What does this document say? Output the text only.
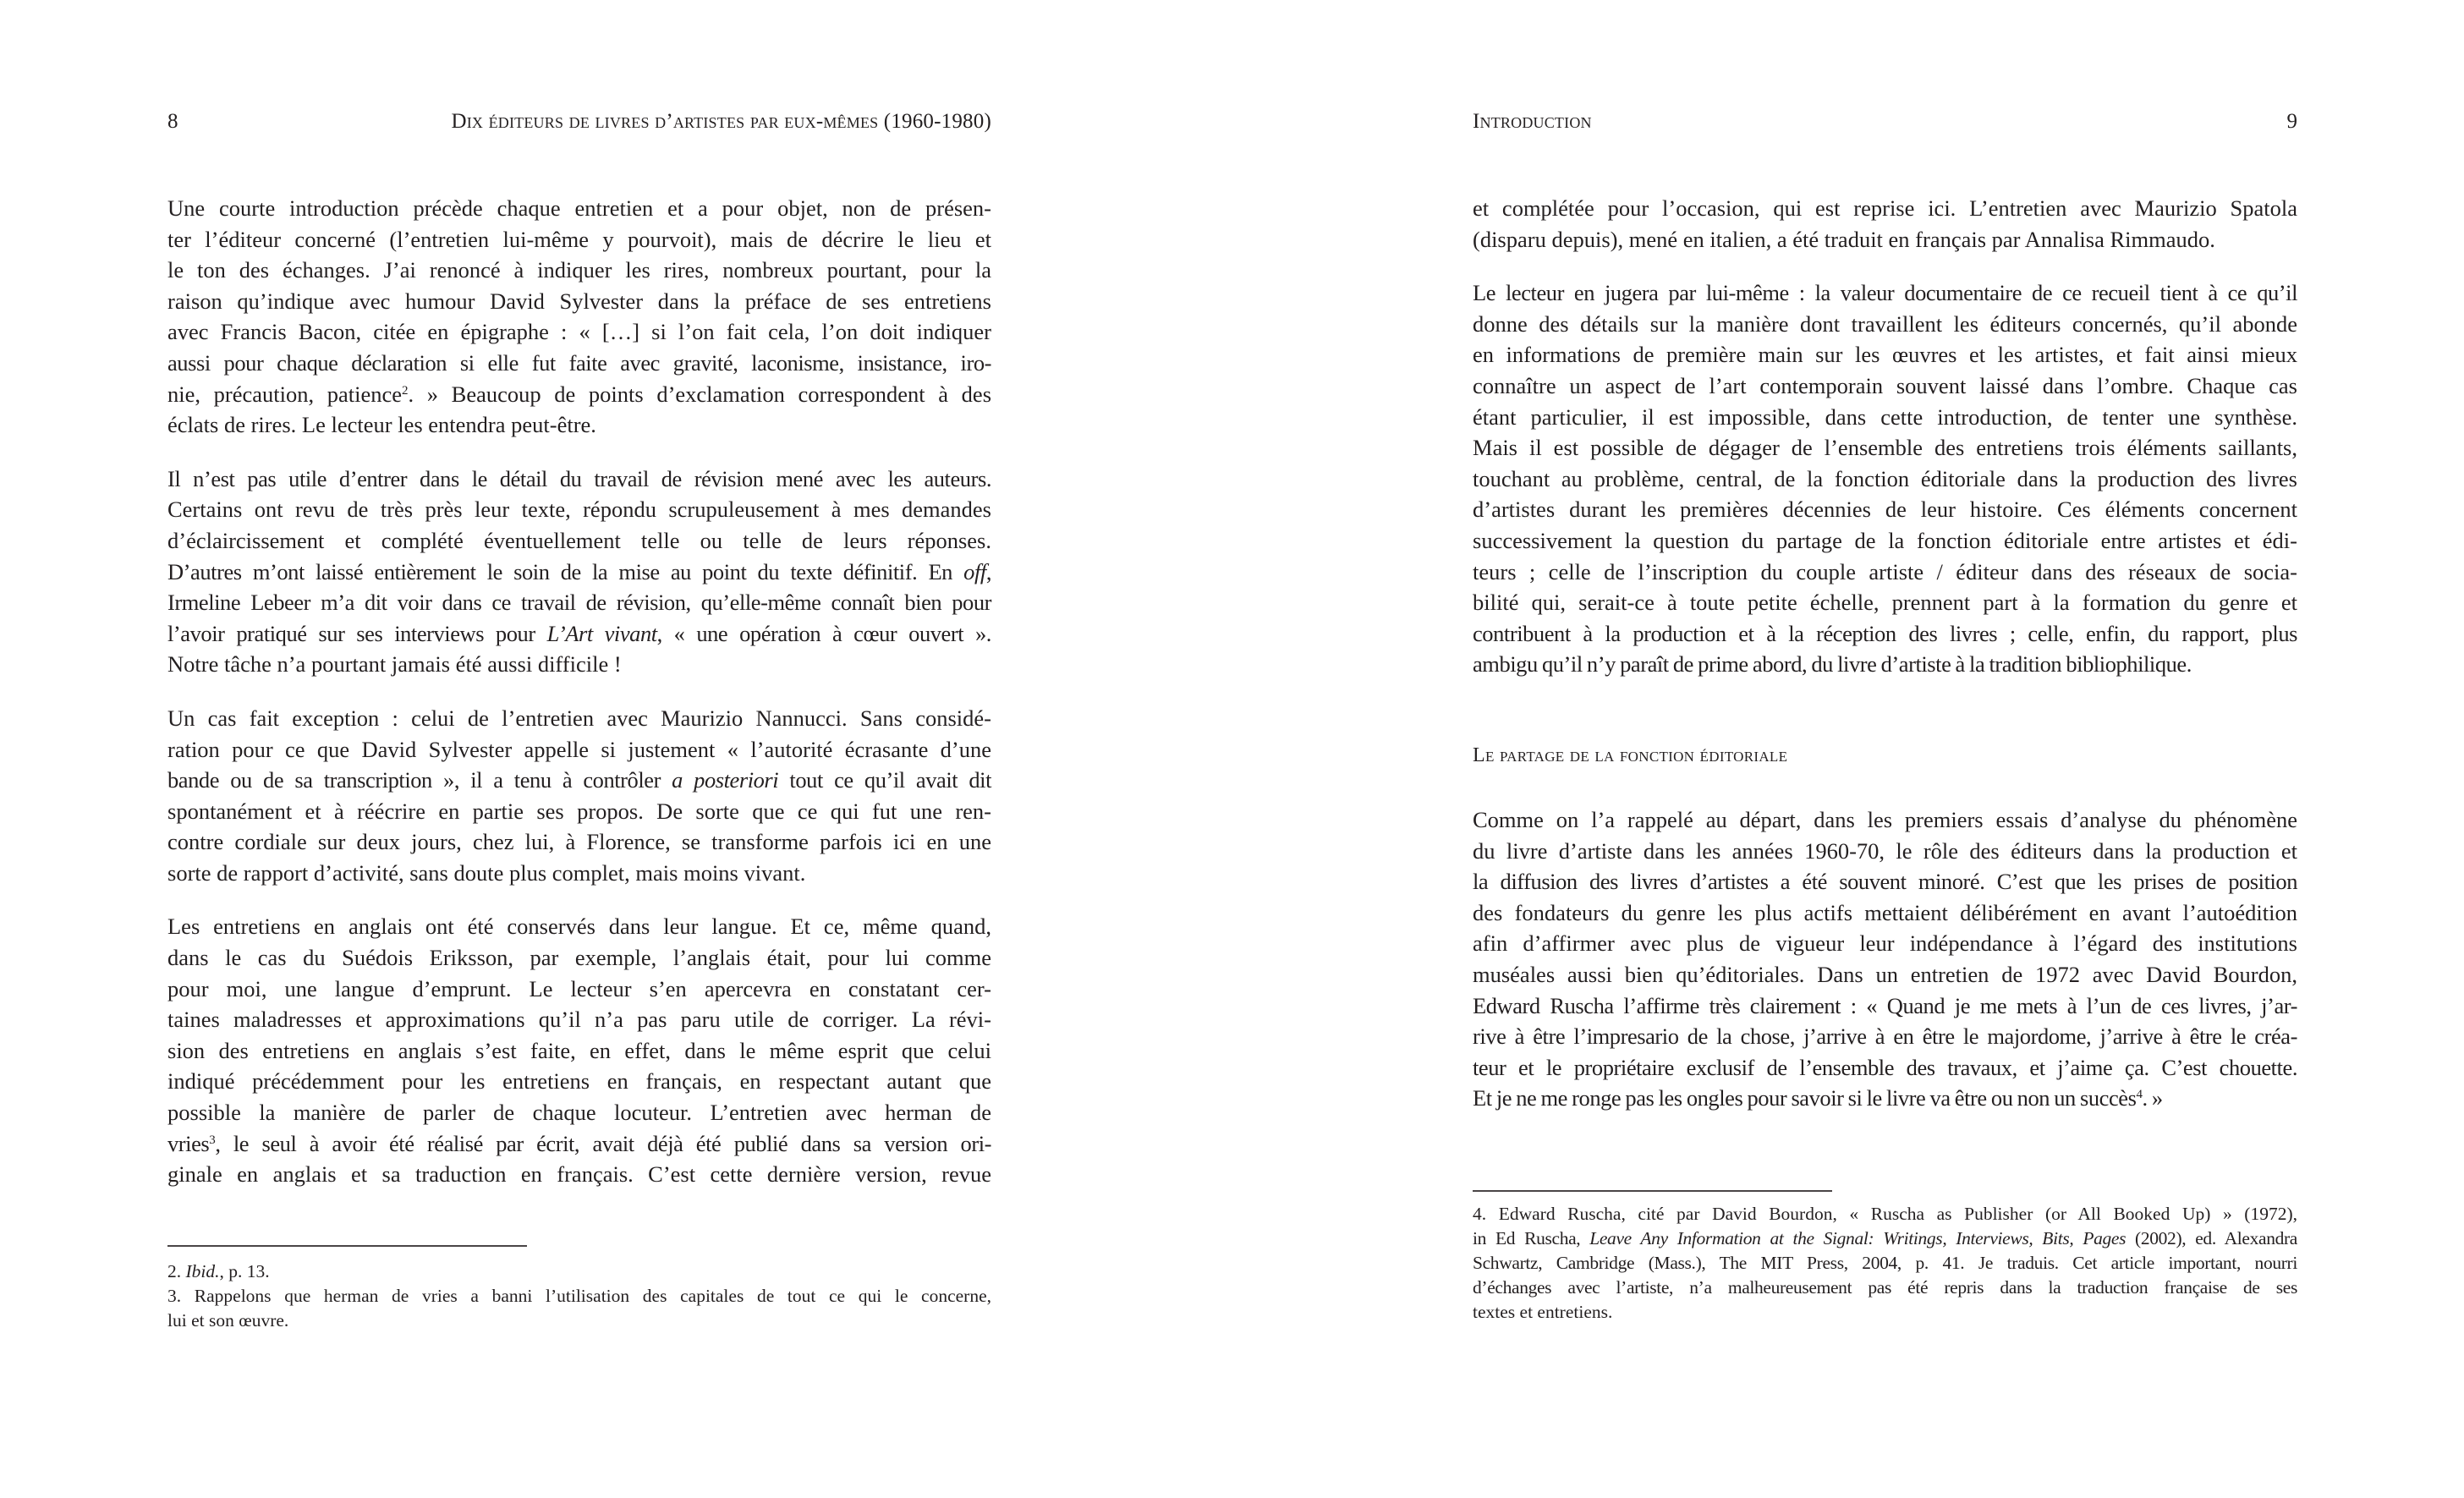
8	Dix éditeurs de livres d’artistes par eux-mêmes (1960-1980)
Une courte introduction précède chaque entretien et a pour objet, non de présen-
ter l’éditeur concerné (l’entretien lui-même y pourvoit), mais de décrire le lieu et
le ton des échanges. J’ai renoncé à indiquer les rires, nombreux pourtant, pour la
raison qu’indique avec humour David Sylvester dans la préface de ses entretiens
avec Francis Bacon, citée en épigraphe : « […] si l’on fait cela, l’on doit indiquer
aussi pour chaque déclaration si elle fut faite avec gravité, laconisme, insistance, iro-
nie, précaution, patience$^2$. » Beaucoup de points d’exclamation correspondent à des
éclats de rires. Le lecteur les entendra peut-être.
Il n’est pas utile d’entrer dans le détail du travail de révision mené avec les auteurs.
Certains ont revu de très près leur texte, répondu scrupuleusement à mes demandes
d’éclaircissement et complété éventuellement telle ou telle de leurs réponses.
D’autres m’ont laissé entièrement le soin de la mise au point du texte définitif. En off,
Irmeline Lebeer m’a dit voir dans ce travail de révision, qu’elle-même connaît bien pour
l’avoir pratiqué sur ses interviews pour L’Art vivant, « une opération à cœur ouvert ».
Notre tâche n’a pourtant jamais été aussi difficile !
Un cas fait exception : celui de l’entretien avec Maurizio Nannucci. Sans considé-
ration pour ce que David Sylvester appelle si justement « l’autorité écrasante d’une
bande ou de sa transcription », il a tenu à contrôler a posteriori tout ce qu’il avait dit
spontanément et à réécrire en partie ses propos. De sorte que ce qui fut une ren-
contre cordiale sur deux jours, chez lui, à Florence, se transforme parfois ici en une
sorte de rapport d’activité, sans doute plus complet, mais moins vivant.
Les entretiens en anglais ont été conservés dans leur langue. Et ce, même quand,
dans le cas du Suédois Eriksson, par exemple, l’anglais était, pour lui comme
pour moi, une langue d’emprunt. Le lecteur s’en apercevra en constatant cer-
taines maladresses et approximations qu’il n’a pas paru utile de corriger. La révi-
sion des entretiens en anglais s’est faite, en effet, dans le même esprit que celui
indiqué précédemment pour les entretiens en français, en respectant autant que
possible la manière de parler de chaque locuteur. L’entretien avec herman de
vries$^3$, le seul à avoir été réalisé par écrit, avait déjà été publié dans sa version ori-
ginale en anglais et sa traduction en français. C’est cette dernière version, revue
2. Ibid., p. 13.
3. Rappelons que herman de vries a banni l’utilisation des capitales de tout ce qui le concerne,
lui et son œuvre.
Introduction	9
et complétée pour l’occasion, qui est reprise ici. L’entretien avec Maurizio Spatola
(disparu depuis), mené en italien, a été traduit en français par Annalisa Rimmaudo.
Le lecteur en jugera par lui-même : la valeur documentaire de ce recueil tient à ce qu’il
donne des détails sur la manière dont travaillent les éditeurs concernés, qu’il abonde
en informations de première main sur les œuvres et les artistes, et fait ainsi mieux
connaître un aspect de l’art contemporain souvent laissé dans l’ombre. Chaque cas
étant particulier, il est impossible, dans cette introduction, de tenter une synthèse.
Mais il est possible de dégager de l’ensemble des entretiens trois éléments saillants,
touchant au problème, central, de la fonction éditoriale dans la production des livres
d’artistes durant les premières décennies de leur histoire. Ces éléments concernent
successivement la question du partage de la fonction éditoriale entre artistes et édi-
teurs ; celle de l’inscription du couple artiste / éditeur dans des réseaux de socia-
bilité qui, serait-ce à toute petite échelle, prennent part à la formation du genre et
contribuent à la production et à la réception des livres ; celle, enfin, du rapport, plus
ambigu qu’il n’y paraît de prime abord, du livre d’artiste à la tradition bibliophilique.
Le partage de la fonction éditoriale
Comme on l’a rappelé au départ, dans les premiers essais d’analyse du phénomène
du livre d’artiste dans les années 1960-70, le rôle des éditeurs dans la production et
la diffusion des livres d’artistes a été souvent minoré. C’est que les prises de position
des fondateurs du genre les plus actifs mettaient délibérément en avant l’autoédition
afin d’affirmer avec plus de vigueur leur indépendance à l’égard des institutions
muséales aussi bien qu’éditoriales. Dans un entretien de 1972 avec David Bourdon,
Edward Ruscha l’affirme très clairement : « Quand je me mets à l’un de ces livres, j’ar-
rive à être l’impresario de la chose, j’arrive à en être le majordome, j’arrive à être le créa-
teur et le propriétaire exclusif de l’ensemble des travaux, et j’aime ça. C’est chouette.
Et je ne me ronge pas les ongles pour savoir si le livre va être ou non un succès$^4$. »
4. Edward Ruscha, cité par David Bourdon, « Ruscha as Publisher (or All Booked Up) » (1972),
in Ed Ruscha, Leave Any Information at the Signal: Writings, Interviews, Bits, Pages (2002), ed. Alexandra
Schwartz, Cambridge (Mass.), The MIT Press, 2004, p. 41. Je traduis. Cet article important, nourri
d’échanges avec l’artiste, n’a malheureusement pas été repris dans la traduction française de ses
textes et entretiens.
